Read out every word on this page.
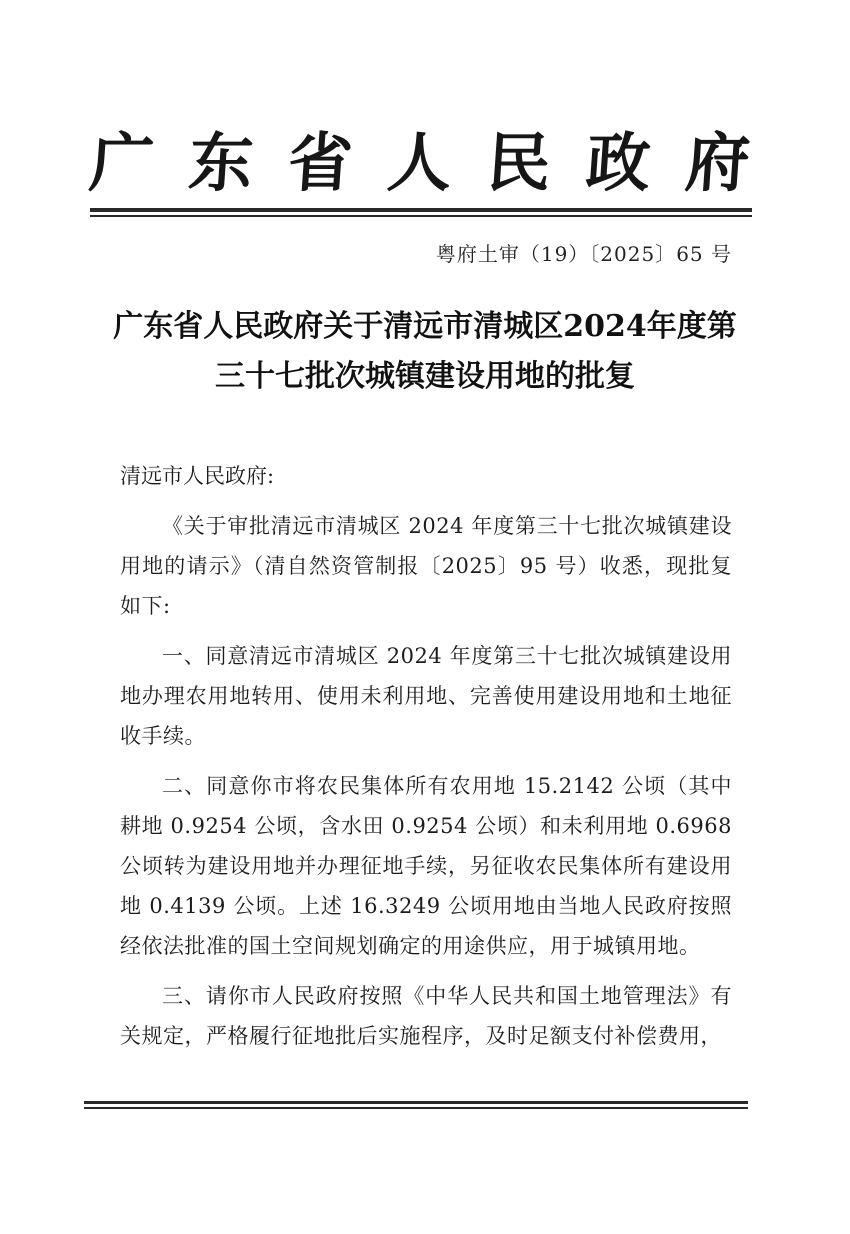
广 东 省 人 民 政 府
粤府土审（19）〔2025〕65 号
广东省人民政府关于清远市清城区2024年度第
三十七批次城镇建设用地的批复
清远市人民政府:

《关于审批清远市清城区 2024 年度第三十七批次城镇建设用地的请示》（清自然资管制报〔2025〕95 号）收悉，现批复如下:

一、同意清远市清城区 2024 年度第三十七批次城镇建设用地办理农用地转用、使用未利用地、完善使用建设用地和土地征收手续。

二、同意你市将农民集体所有农用地 15.2142 公顷（其中耕地 0.9254 公顷，含水田 0.9254 公顷）和未利用地 0.6968 公顷转为建设用地并办理征地手续，另征收农民集体所有建设用地 0.4139 公顷。上述 16.3249 公顷用地由当地人民政府按照经依法批准的国土空间规划确定的用途供应，用于城镇用地。

三、请你市人民政府按照《中华人民共和国土地管理法》有关规定，严格履行征地批后实施程序，及时足额支付补偿费用，
